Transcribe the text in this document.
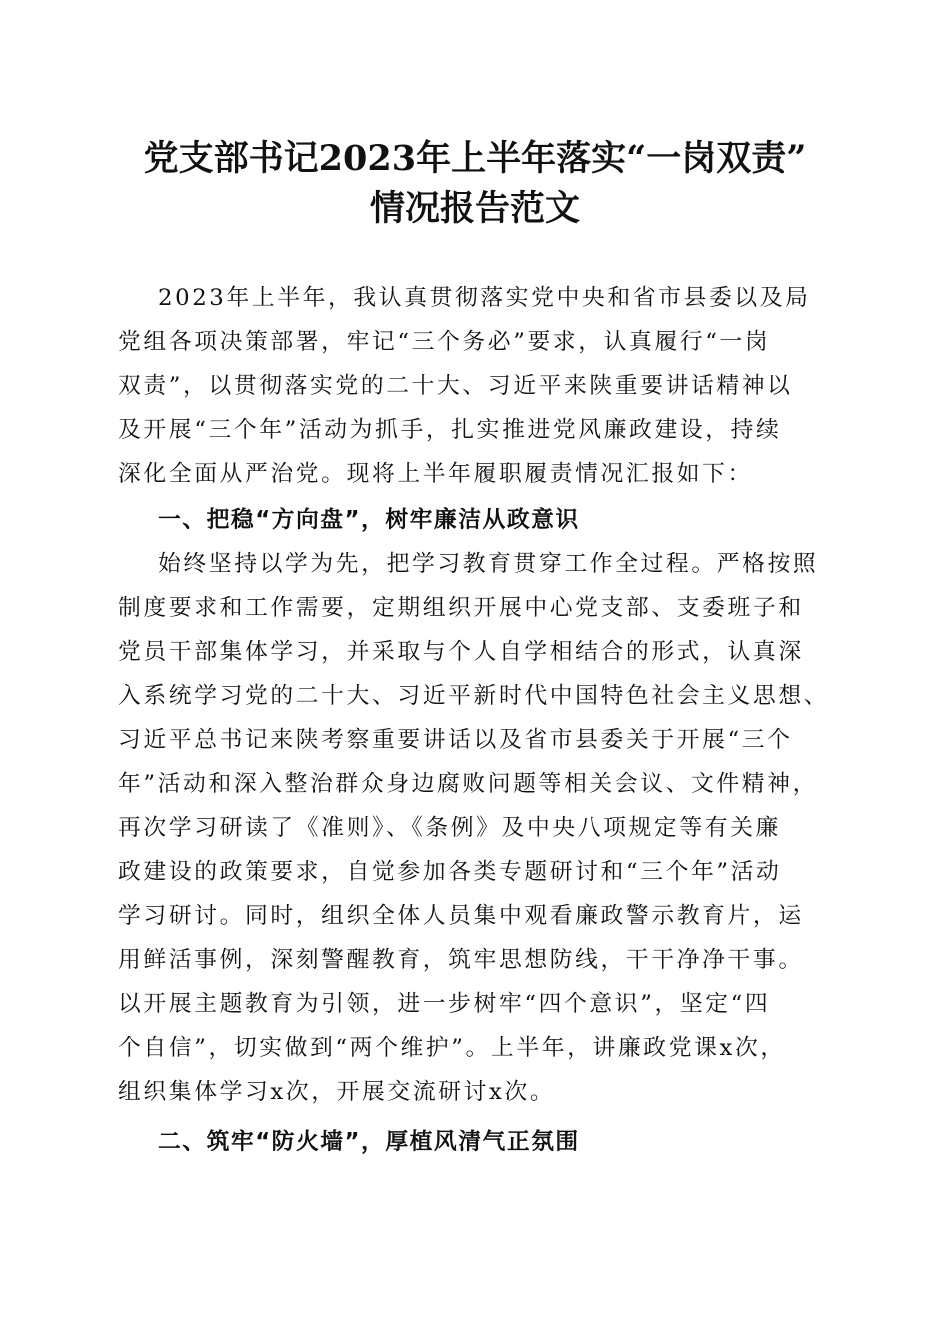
党支部书记2023年上半年落实“一岗双责”
情况报告范文
2023年上半年，我认真贯彻落实党中央和省市县委以及局
党组各项决策部署，牢记“三个务必”要求，认真履行“一岗
双责”，以贯彻落实党的二十大、习近平来陕重要讲话精神以
及开展“三个年”活动为抓手，扎实推进党风廉政建设，持续
深化全面从严治党。现将上半年履职履责情况汇报如下：
一、把稳“方向盘”，树牢廉洁从政意识
始终坚持以学为先，把学习教育贯穿工作全过程。严格按照
制度要求和工作需要，定期组织开展中心党支部、支委班子和
党员干部集体学习，并采取与个人自学相结合的形式，认真深
入系统学习党的二十大、习近平新时代中国特色社会主义思想、
习近平总书记来陕考察重要讲话以及省市县委关于开展“三个
年”活动和深入整治群众身边腐败问题等相关会议、文件精神，
再次学习研读了《准则》、《条例》及中央八项规定等有关廉
政建设的政策要求，自觉参加各类专题研讨和“三个年”活动
学习研讨。同时，组织全体人员集中观看廉政警示教育片，运
用鲜活事例，深刻警醒教育，筑牢思想防线，干干净净干事。
以开展主题教育为引领，进一步树牢“四个意识”，坚定“四
个自信”，切实做到“两个维护”。上半年，讲廉政党课x次，
组织集体学习x次，开展交流研讨x次。
二、筑牢“防火墙”，厚植风清气正氛围
